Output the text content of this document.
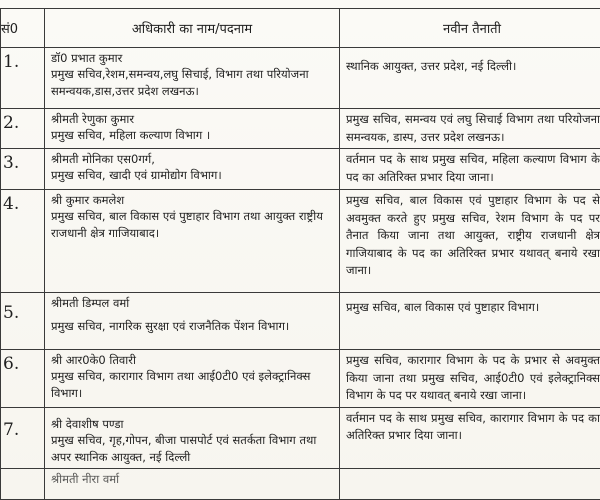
सं0	अधिकारी का नाम/पदनाम	नवीन तैनाती

1.	डॉ0 प्रभात कुमार
प्रमुख सचिव,रेशम,समन्वय,लघु सिचाई, विभाग तथा परियोजना समन्वयक,डास,उत्तर प्रदेश लखनऊ।	स्थानिक आयुक्त, उत्तर प्रदेश, नई दिल्ली।

2.	श्रीमती रेणुका कुमार
प्रमुख सचिव, महिला कल्याण विभाग ।	प्रमुख सचिव, समन्वय एवं लघु सिचाई विभाग तथा परियोजना समन्वयक, डास्प, उत्तर प्रदेश लखनऊ।

3.	श्रीमती मोनिका एस0गर्ग,
प्रमुख सचिव, खादी एवं ग्रामोद्योग विभाग।	वर्तमान पद के साथ प्रमुख सचिव, महिला कल्याण विभाग के पद का अतिरिक्त प्रभार दिया जाना।

4.	श्री कुमार कमलेश
प्रमुख सचिव, बाल विकास एवं पुष्टाहार विभाग तथा आयुक्त राष्ट्रीय राजधानी क्षेत्र गाजियाबाद।	प्रमुख सचिव, बाल विकास एवं पुष्टाहार विभाग के पद से अवमुक्त करते हुए प्रमुख सचिव, रेशम विभाग के पद पर तैनात किया जाना तथा आयुक्त, राष्ट्रीय राजधानी क्षेत्र गाजियाबाद के पद का अतिरिक्त प्रभार यथावत् बनाये रखा जाना।

5.	श्रीमती डिम्पल वर्मा
प्रमुख सचिव, नागरिक सुरक्षा एवं राजनैतिक पेंशन विभाग।	प्रमुख सचिव, बाल विकास एवं पुष्टाहार विभाग।

6.	श्री आर0के0 तिवारी
प्रमुख सचिव, कारागार विभाग तथा आई0टी0 एवं इलेक्ट्रानिक्स विभाग।	प्रमुख सचिव, कारागार विभाग के पद के प्रभार से अवमुक्त किया जाना तथा प्रमुख सचिव, आई0टी0 एवं इलेक्ट्रानिक्स विभाग के पद पर यथावत् बनाये रखा जाना।

7.	श्री देवाशीष पण्डा
प्रमुख सचिव, गृह,गोपन, बीजा पासपोर्ट एवं सतर्कता विभाग तथा अपर स्थानिक आयुक्त, नई दिल्ली	वर्तमान पद के साथ प्रमुख सचिव, कारागार विभाग के पद का अतिरिक्त प्रभार दिया जाना।

	श्रीमती नीरा वर्मा	
